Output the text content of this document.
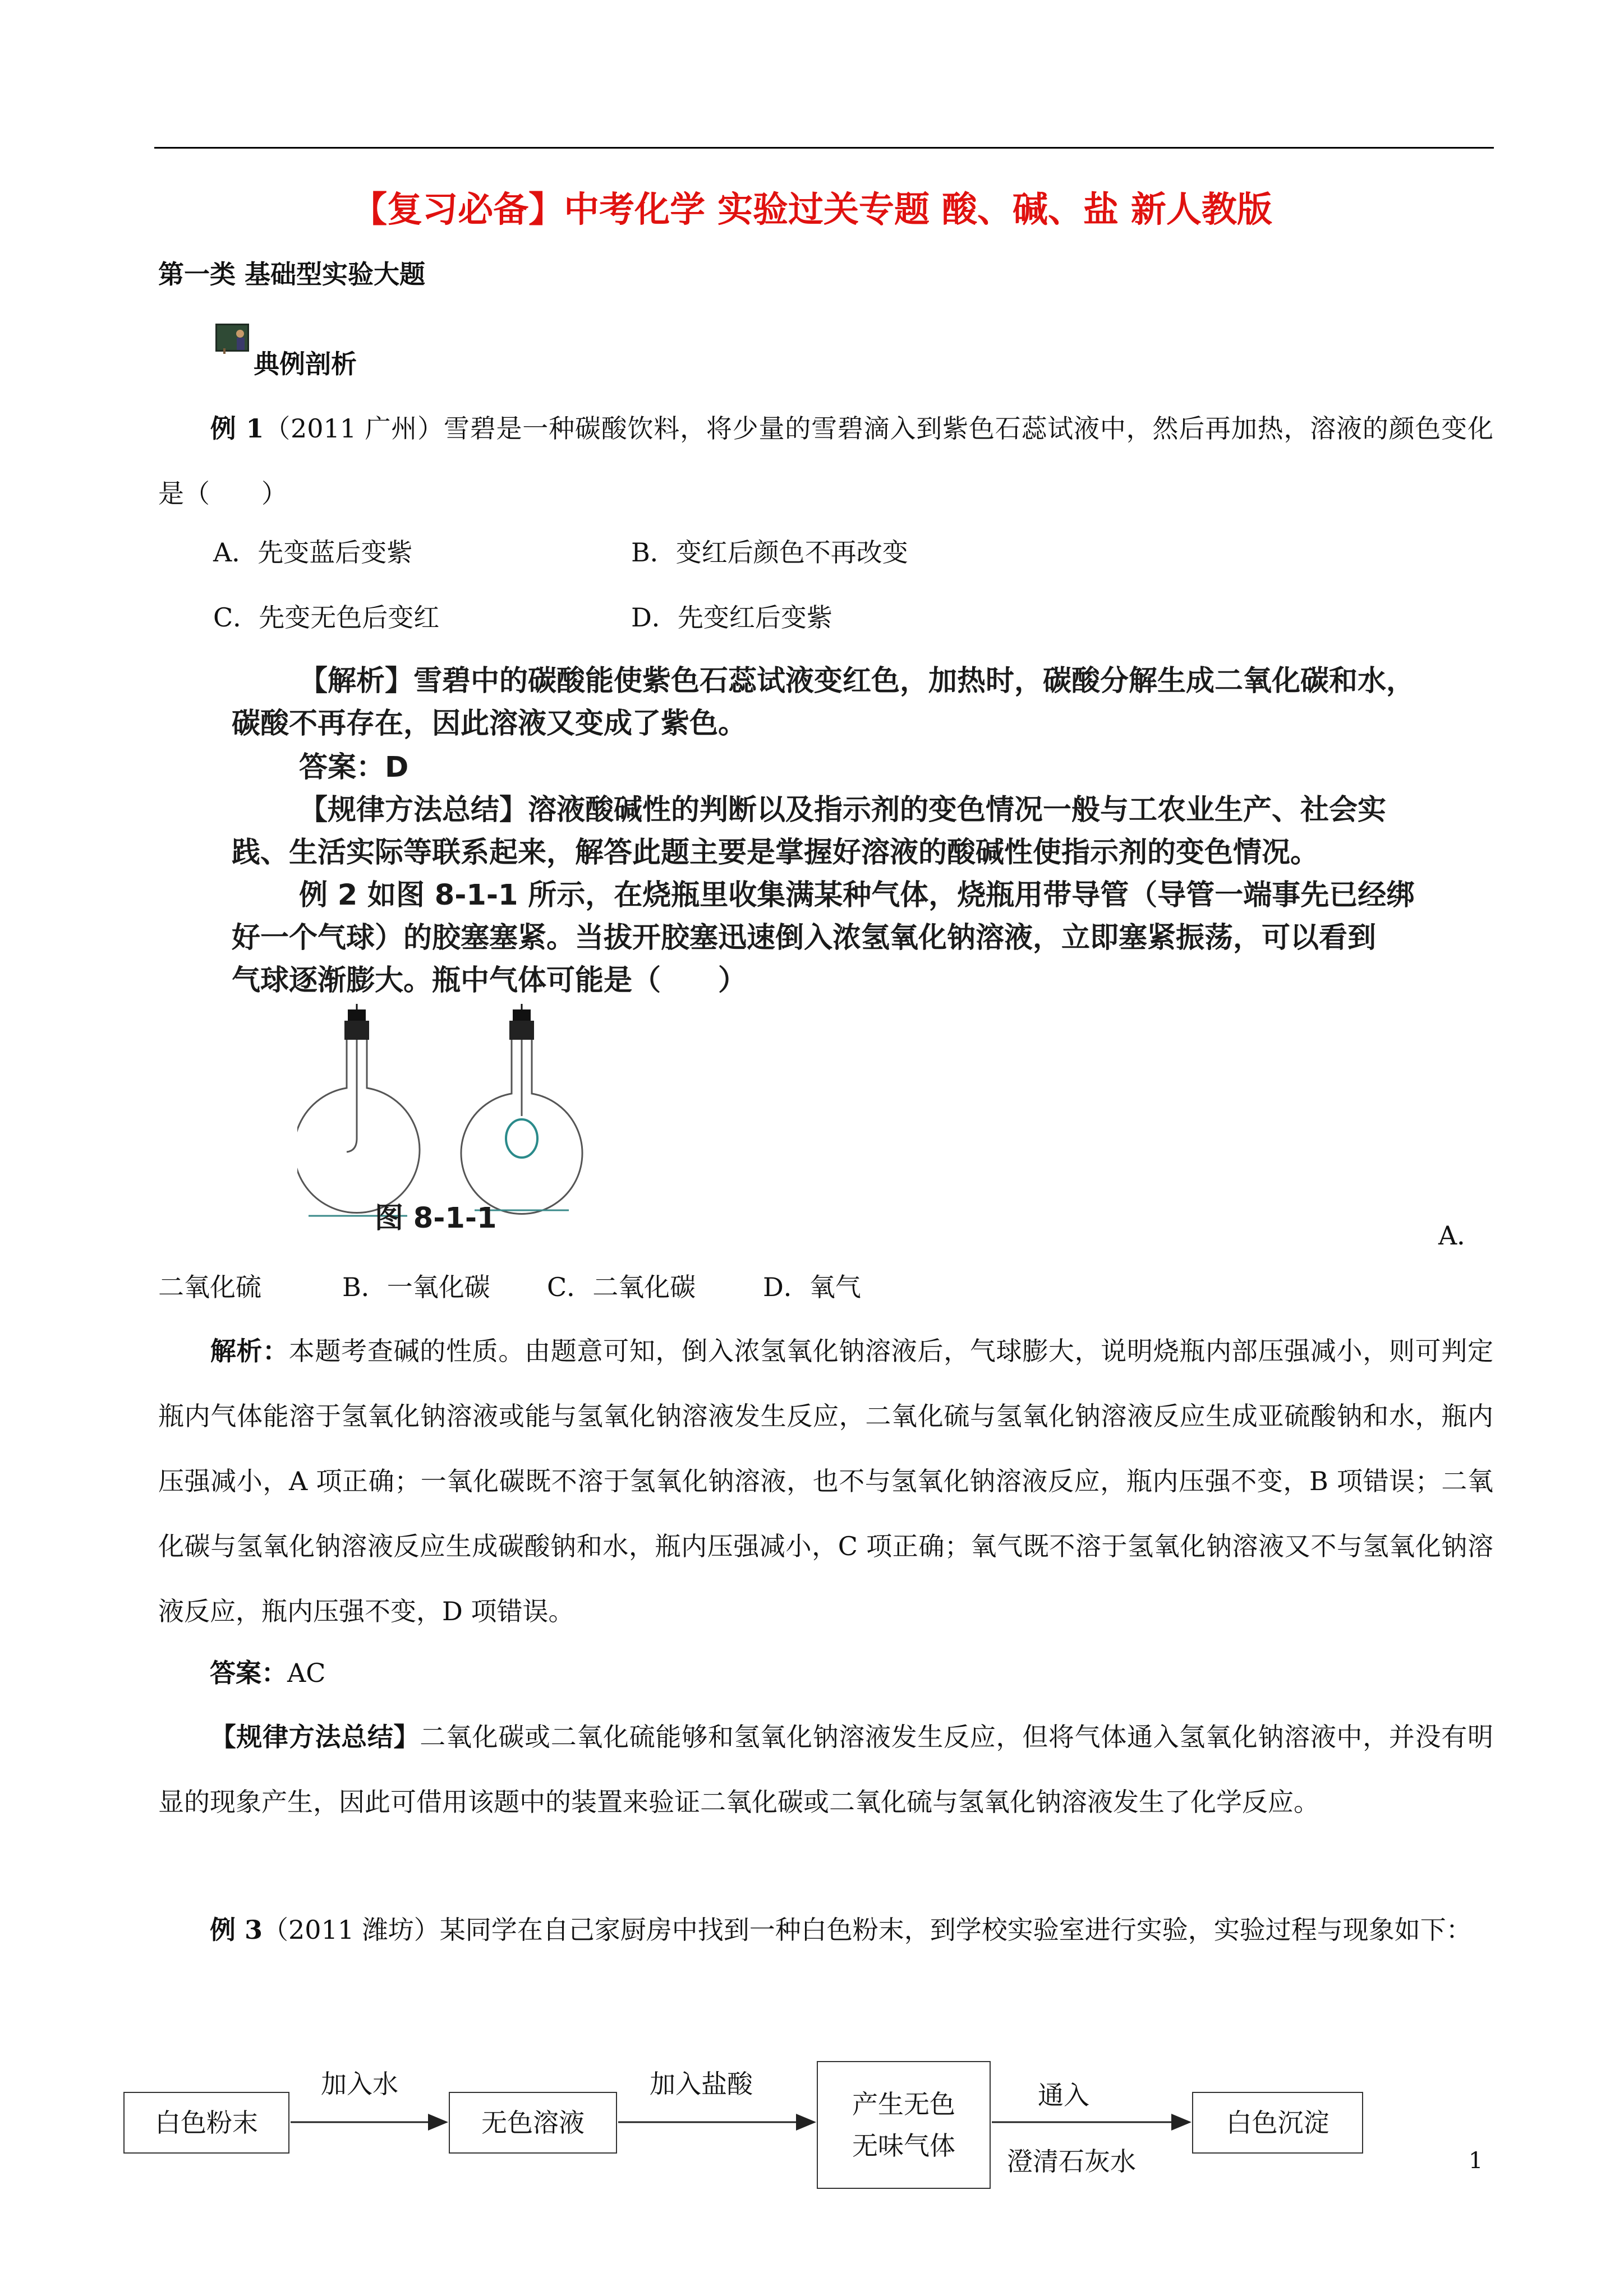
【复习必备】中考化学 实验过关专题 酸、碱、盐 新人教版
第一类 基础型实验大题
典例剖析
例 1（2011 广州）雪碧是一种碳酸饮料，将少量的雪碧滴入到紫色石蕊试液中，然后再加热，溶液的颜色变化是（　　）
A．先变蓝后变紫	B．变红后颜色不再改变
C．先变无色后变红	D．先变红后变紫
【解析】雪碧中的碳酸能使紫色石蕊试液变红色，加热时，碳酸分解生成二氧化碳和水，
碳酸不再存在，因此溶液又变成了紫色。
答案：D
【规律方法总结】溶液酸碱性的判断以及指示剂的变色情况一般与工农业生产、社会实
践、生活实际等联系起来，解答此题主要是掌握好溶液的酸碱性使指示剂的变色情况。
例 2 如图 8-1-1 所示，在烧瓶里收集满某种气体，烧瓶用带导管（导管一端事先已经绑
好一个气球）的胶塞塞紧。当拔开胶塞迅速倒入浓氢氧化钠溶液，立即塞紧振荡，可以看到
气球逐渐膨大。瓶中气体可能是（　　）
图 8-1-1
A．
二氧化硫	B．一氧化碳 C．二氧化碳	D．氧气
解析：本题考查碱的性质。由题意可知，倒入浓氢氧化钠溶液后，气球膨大，说明烧瓶内部压强减小，则可判定瓶内气体能溶于氢氧化钠溶液或能与氢氧化钠溶液发生反应，二氧化硫与氢氧化钠溶液反应生成亚硫酸钠和水，瓶内压强减小，A 项正确；一氧化碳既不溶于氢氧化钠溶液，也不与氢氧化钠溶液反应，瓶内压强不变，B 项错误；二氧化碳与氢氧化钠溶液反应生成碳酸钠和水，瓶内压强减小，C 项正确；氧气既不溶于氢氧化钠溶液又不与氢氧化钠溶液反应，瓶内压强不变，D 项错误。
答案：AC
【规律方法总结】二氧化碳或二氧化硫能够和氢氧化钠溶液发生反应，但将气体通入氢氧化钠溶液中，并没有明显的现象产生，因此可借用该题中的装置来验证二氧化碳或二氧化硫与氢氧化钠溶液发生了化学反应。
例 3（2011 潍坊）某同学在自己家厨房中找到一种白色粉末，到学校实验室进行实验，实验过程与现象如下：
白色粉末	无色溶液
产生无色无味气体
白色沉淀
加入水	加入盐酸	通入
澄清石灰水	1
